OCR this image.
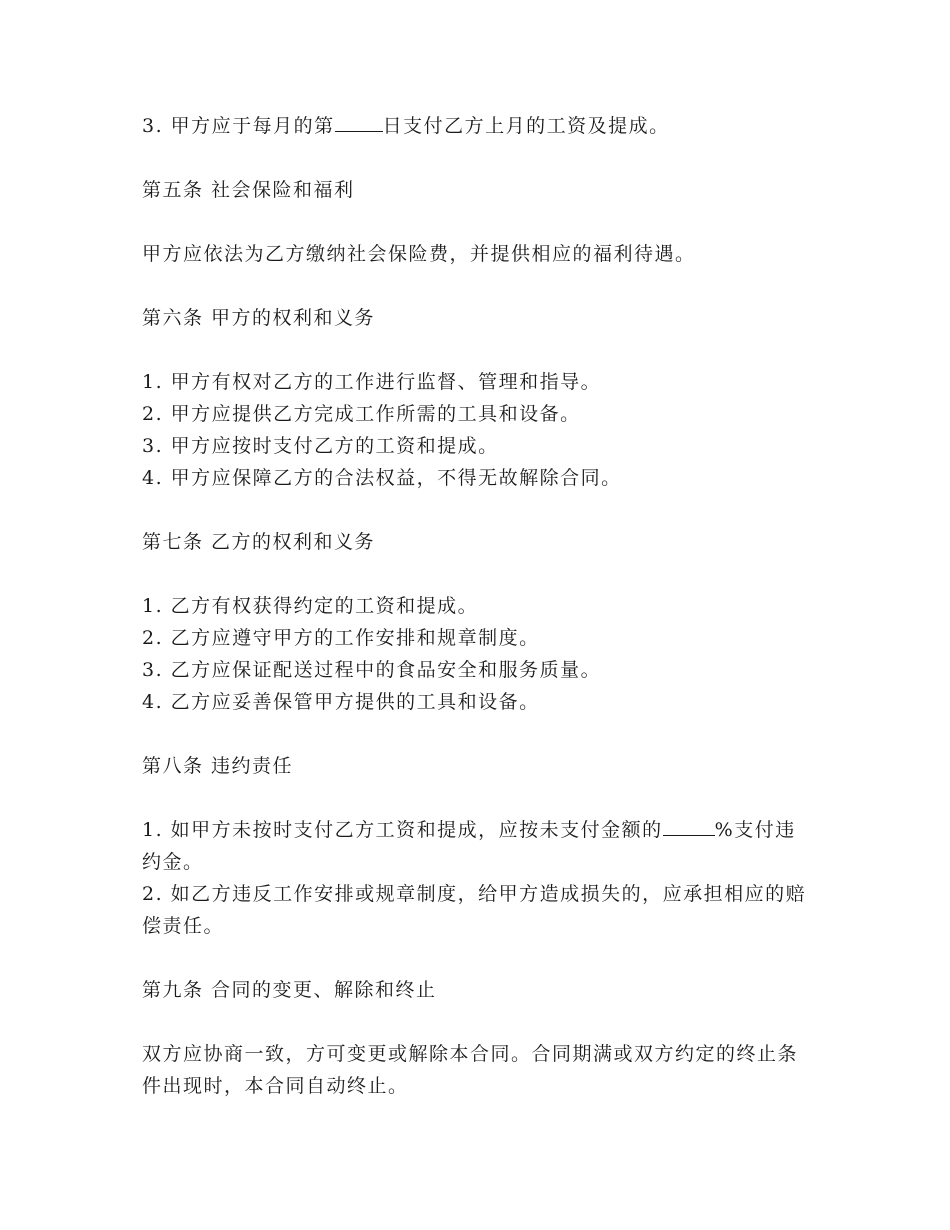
3. 甲方应于每月的第	日支付乙方上月的工资及提成。
第五条 社会保险和福利
甲方应依法为乙方缴纳社会保险费，并提供相应的福利待遇。
第六条 甲方的权利和义务
1. 甲方有权对乙方的工作进行监督、管理和指导。
2. 甲方应提供乙方完成工作所需的工具和设备。
3. 甲方应按时支付乙方的工资和提成。
4. 甲方应保障乙方的合法权益，不得无故解除合同。
第七条 乙方的权利和义务
1. 乙方有权获得约定的工资和提成。
2. 乙方应遵守甲方的工作安排和规章制度。
3. 乙方应保证配送过程中的食品安全和服务质量。
4. 乙方应妥善保管甲方提供的工具和设备。
第八条 违约责任
1. 如甲方未按时支付乙方工资和提成，应按未支付金额的	%支付违约金。
2. 如乙方违反工作安排或规章制度，给甲方造成损失的，应承担相应的赔偿责任。
第九条 合同的变更、解除和终止
双方应协商一致，方可变更或解除本合同。合同期满或双方约定的终止条件出现时，本合同自动终止。
